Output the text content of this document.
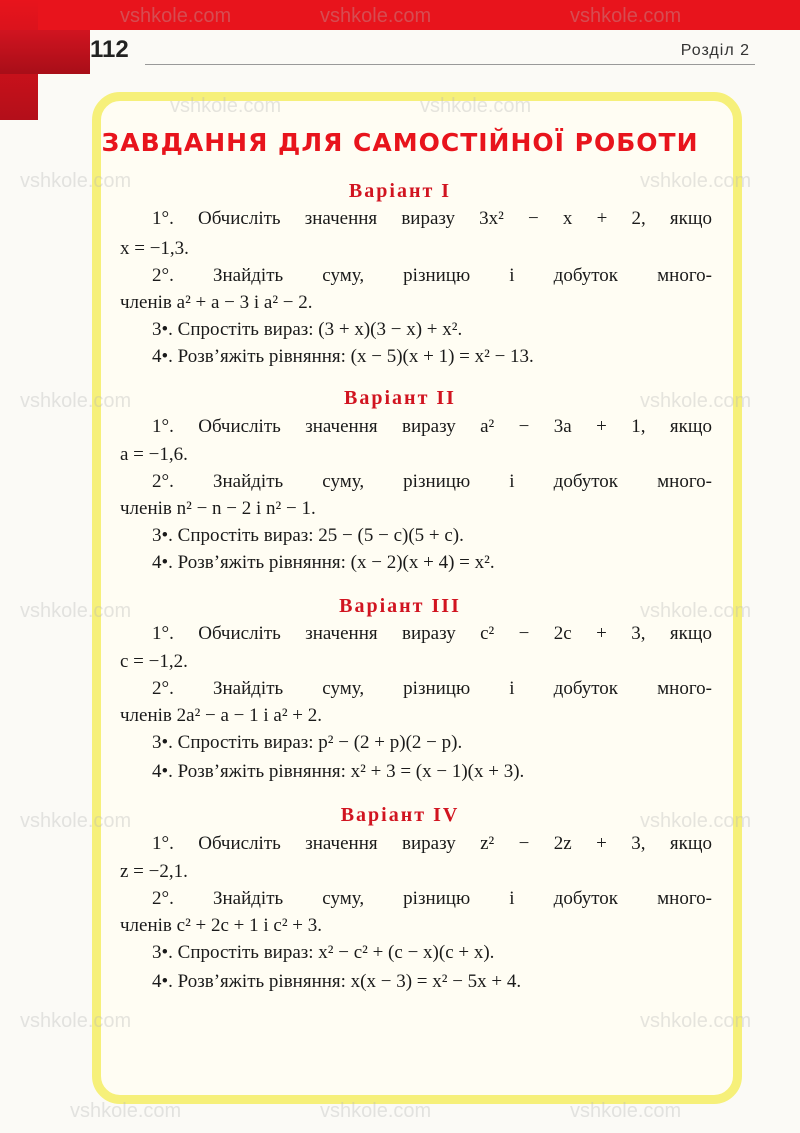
112	Розділ 2
vshkole.com	vshkole.com	vshkole.com
vshkole.com	vshkole.com
vshkole.com	vshkole.com
vshkole.com	vshkole.com
vshkole.com	vshkole.com
vshkole.com	vshkole.com
vshkole.com	vshkole.com
vshkole.com	vshkole.com	vshkole.com
ЗАВДАННЯ ДЛЯ САМОСТІЙНОЇ РОБОТИ
Варіант I
1°. Обчисліть значення виразу 3x² − x + 2, якщо
x = −1,3.
2°. Знайдіть суму, різницю і добуток много-
членів a² + a − 3 і a² − 2.
3•. Спростіть вираз: (3 + x)(3 − x) + x².
4•. Розв’яжіть рівняння: (x − 5)(x + 1) = x² − 13.
Варіант II
1°. Обчисліть значення виразу a² − 3a + 1, якщо
a = −1,6.
2°. Знайдіть суму, різницю і добуток много-
членів n² − n − 2 і n² − 1.
3•. Спростіть вираз: 25 − (5 − c)(5 + c).
4•. Розв’яжіть рівняння: (x − 2)(x + 4) = x².
Варіант III
1°. Обчисліть значення виразу c² − 2c + 3, якщо
c = −1,2.
2°. Знайдіть суму, різницю і добуток много-
членів 2a² − a − 1 і a² + 2.
3•. Спростіть вираз: p² − (2 + p)(2 − p).
4•. Розв’яжіть рівняння: x² + 3 = (x − 1)(x + 3).
Варіант IV
1°. Обчисліть значення виразу z² − 2z + 3, якщо
z = −2,1.
2°. Знайдіть суму, різницю і добуток много-
членів c² + 2c + 1 і c² + 3.
3•. Спростіть вираз: x² − c² + (c − x)(c + x).
4•. Розв’яжіть рівняння: x(x − 3) = x² − 5x + 4.
